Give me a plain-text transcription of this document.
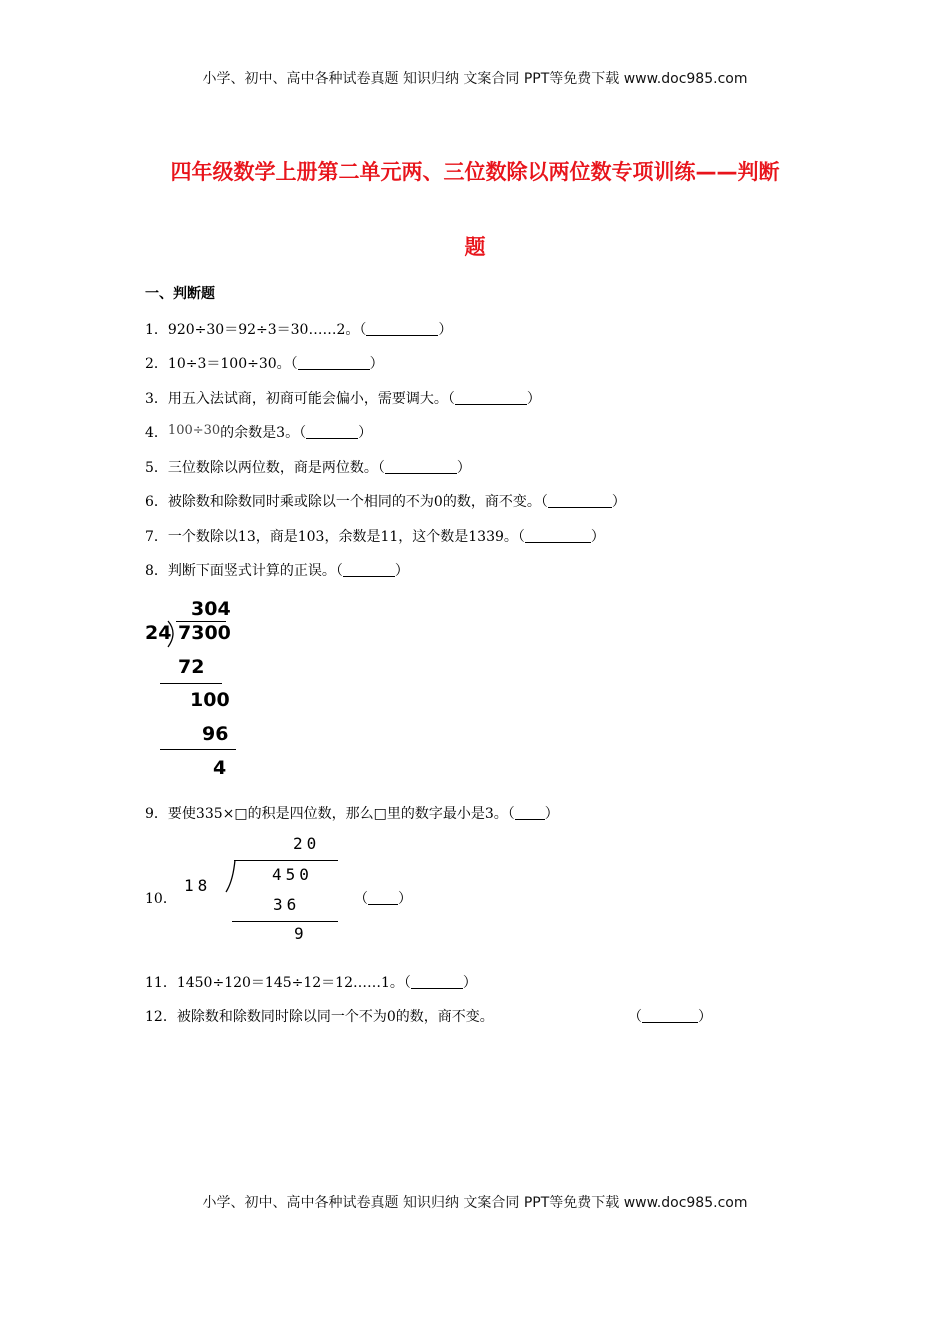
小学、初中、高中各种试卷真题 知识归纳 文案合同 PPT等免费下载 www.doc985.com
四年级数学上册第二单元两、三位数除以两位数专项训练——判断
题
一、判断题
1．920÷30＝92÷3＝30……2。（	）
2．10÷3＝100÷30。（	）
3．用五入法试商，初商可能会偏小，需要调大。（	）
4．100÷30的余数是3。（	）
5．三位数除以两位数，商是两位数。（	）
6．被除数和除数同时乘或除以一个相同的不为0的数，商不变。（	）
7．一个数除以13，商是103，余数是11，这个数是1339。（	）
8．判断下面竖式计算的正误。（	）
304
24 7300
72
100
96
4
9．要使335×□的积是四位数，那么□里的数字最小是3。（ ）
10．
20
18
450
36
9
（ ）
11．1450÷120＝145÷12＝12……1。（	）
12．被除数和除数同时除以同一个不为0的数，商不变。	（	）
小学、初中、高中各种试卷真题 知识归纳 文案合同 PPT等免费下载 www.doc985.com
